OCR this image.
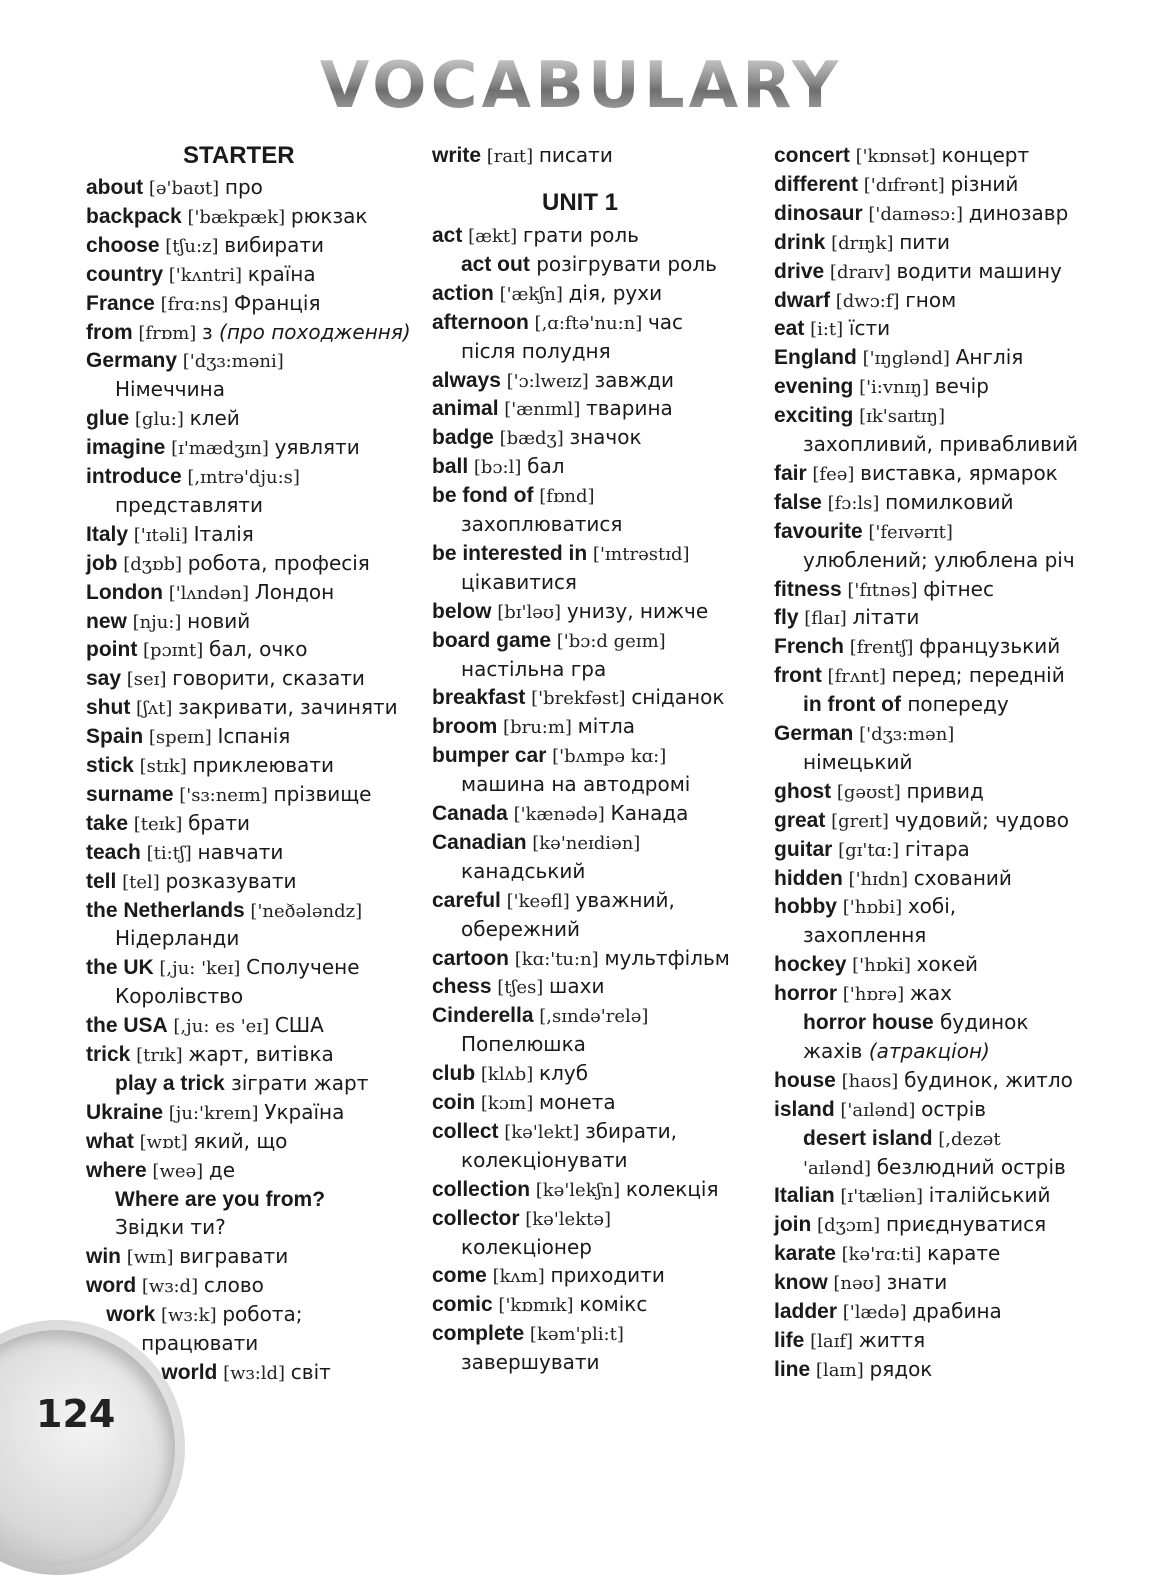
VOCABULARY
STARTER
about [ə'baʊt] про
backpack ['bækpæk] рюкзак
choose [tʃu:z] вибирати
country ['kʌntri] країна
France [frɑ:ns] Франція
from [frɒm] з (про походження)
Germany ['dʒɜ:məni]
Німеччина
glue [glu:] клей
imagine [ɪ'mædʒɪn] уявляти
introduce [,ɪntrə'dju:s]
представляти
Italy ['ɪtəli] Італія
job [dʒɒb] робота, професія
London ['lʌndən] Лондон
new [nju:] новий
point [pɔɪnt] бал, очко
say [seɪ] говорити, сказати
shut [ʃʌt] закривати, зачиняти
Spain [speɪn] Іспанія
stick [stɪk] приклеювати
surname ['sɜ:neɪm] прізвище
take [teɪk] брати
teach [ti:tʃ] навчати
tell [tel] розказувати
the Netherlands ['neðələndz]
Нідерланди
the UK [,ju: 'keɪ] Сполучене
Королівство
the USA [,ju: es 'eɪ] США
trick [trɪk] жарт, витівка
play a trick зіграти жарт
Ukraine [ju:'kreɪn] Україна
what [wɒt] який, що
where [weə] де
Where are you from?
Звідки ти?
win [wɪn] вигравати
word [wɜ:d] слово
work [wɜ:k] робота;
працювати
world [wɜ:ld] світ
write [raɪt] писати
UNIT 1
act [ækt] грати роль
act out розігрувати роль
action ['ækʃn] дія, рухи
afternoon [,ɑ:ftə'nu:n] час
після полудня
always ['ɔ:lweɪz] завжди
animal ['ænɪml] тварина
badge [bædʒ] значок
ball [bɔ:l] бал
be fond of [fɒnd]
захоплюватися
be interested in ['ɪntrəstɪd]
цікавитися
below [bɪ'ləʊ] унизу, нижче
board game ['bɔ:d geɪm]
настільна гра
breakfast ['brekfəst] сніданок
broom [bru:m] мітла
bumper car ['bʌmpə kɑ:]
машина на автодромі
Canada ['kænədə] Канада
Canadian [kə'neɪdiən]
канадський
careful ['keəfl] уважний,
обережний
cartoon [kɑ:'tu:n] мультфільм
chess [tʃes] шахи
Cinderella [,sɪndə'relə]
Попелюшка
club [klʌb] клуб
coin [kɔɪn] монета
collect [kə'lekt] збирати,
колекціонувати
collection [kə'lekʃn] колекція
collector [kə'lektə]
колекціонер
come [kʌm] приходити
comic ['kɒmɪk] комікс
complete [kəm'pli:t]
завершувати
concert ['kɒnsət] концерт
different ['dɪfrənt] різний
dinosaur ['daɪnəsɔ:] динозавр
drink [drɪŋk] пити
drive [draɪv] водити машину
dwarf [dwɔ:f] гном
eat [i:t] їсти
England ['ɪŋglənd] Англія
evening ['i:vnɪŋ] вечір
exciting [ɪk'saɪtɪŋ]
захопливий, привабливий
fair [feə] виставка, ярмарок
false [fɔ:ls] помилковий
favourite ['feɪvərɪt]
улюблений; улюблена річ
fitness ['fɪtnəs] фітнес
fly [flaɪ] літати
French [frentʃ] французький
front [frʌnt] перед; передній
in front of попереду
German ['dʒɜ:mən]
німецький
ghost [gəʊst] привид
great [greɪt] чудовий; чудово
guitar [gɪ'tɑ:] гітара
hidden ['hɪdn] схований
hobby ['hɒbi] хобі,
захоплення
hockey ['hɒki] хокей
horror ['hɒrə] жах
horror house будинок
жахів (атракціон)
house [haʊs] будинок, житло
island ['aɪlənd] острів
desert island [,dezət
'aɪlənd] безлюдний острів
Italian [ɪ'tæliən] італійський
join [dʒɔɪn] приєднуватися
karate [kə'rɑ:ti] карате
know [nəʊ] знати
ladder ['lædə] драбина
life [laɪf] життя
line [laɪn] рядок
124
